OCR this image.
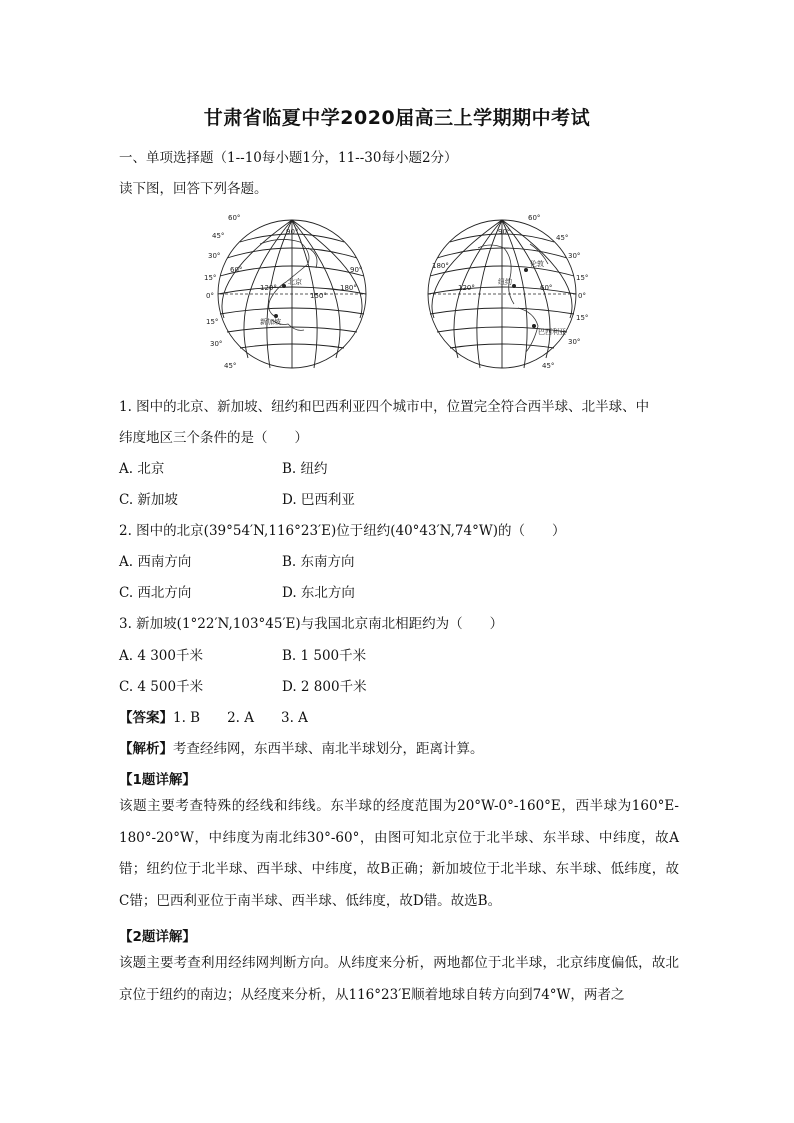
甘肃省临夏中学2020届高三上学期期中考试
一、单项选择题（1--10每小题1分，11--30每小题2分）
读下图，回答下列各题。
60°
45°
30°
15°
0°
15°
30°
45°
90°
60°
120°
150°
180°
90°
北京
新加坡
60°
45°
30°
15°
0°
15°
30°
45°
90°
180°
120°	60°
伦敦
纽约
巴西利亚
1. 图中的北京、新加坡、纽约和巴西利亚四个城市中，位置完全符合西半球、北半球、中
纬度地区三个条件的是（　　）
A. 北京	B. 纽约
C. 新加坡	D. 巴西利亚
2. 图中的北京(39°54′N,116°23′E)位于纽约(40°43′N,74°W)的（　　）
A. 西南方向	B. 东南方向
C. 西北方向	D. 东北方向
3. 新加坡(1°22′N,103°45′E)与我国北京南北相距约为（　　）
A. 4 300千米	B. 1 500千米
C. 4 500千米	D. 2 800千米
【答案】1. B　　2. A　　3. A
【解析】考查经纬网，东西半球、南北半球划分，距离计算。
【1题详解】
该题主要考查特殊的经线和纬线。东半球的经度范围为20°W-0°-160°E，西半球为160°E-180°-20°W，中纬度为南北纬30°-60°，由图可知北京位于北半球、东半球、中纬度，故A错；纽约位于北半球、西半球、中纬度，故B正确；新加坡位于北半球、东半球、低纬度，故C错；巴西利亚位于南半球、西半球、低纬度，故D错。故选B。
【2题详解】
该题主要考查利用经纬网判断方向。从纬度来分析，两地都位于北半球，北京纬度偏低，故北京位于纽约的南边；从经度来分析，从116°23′E顺着地球自转方向到74°W，两者之
